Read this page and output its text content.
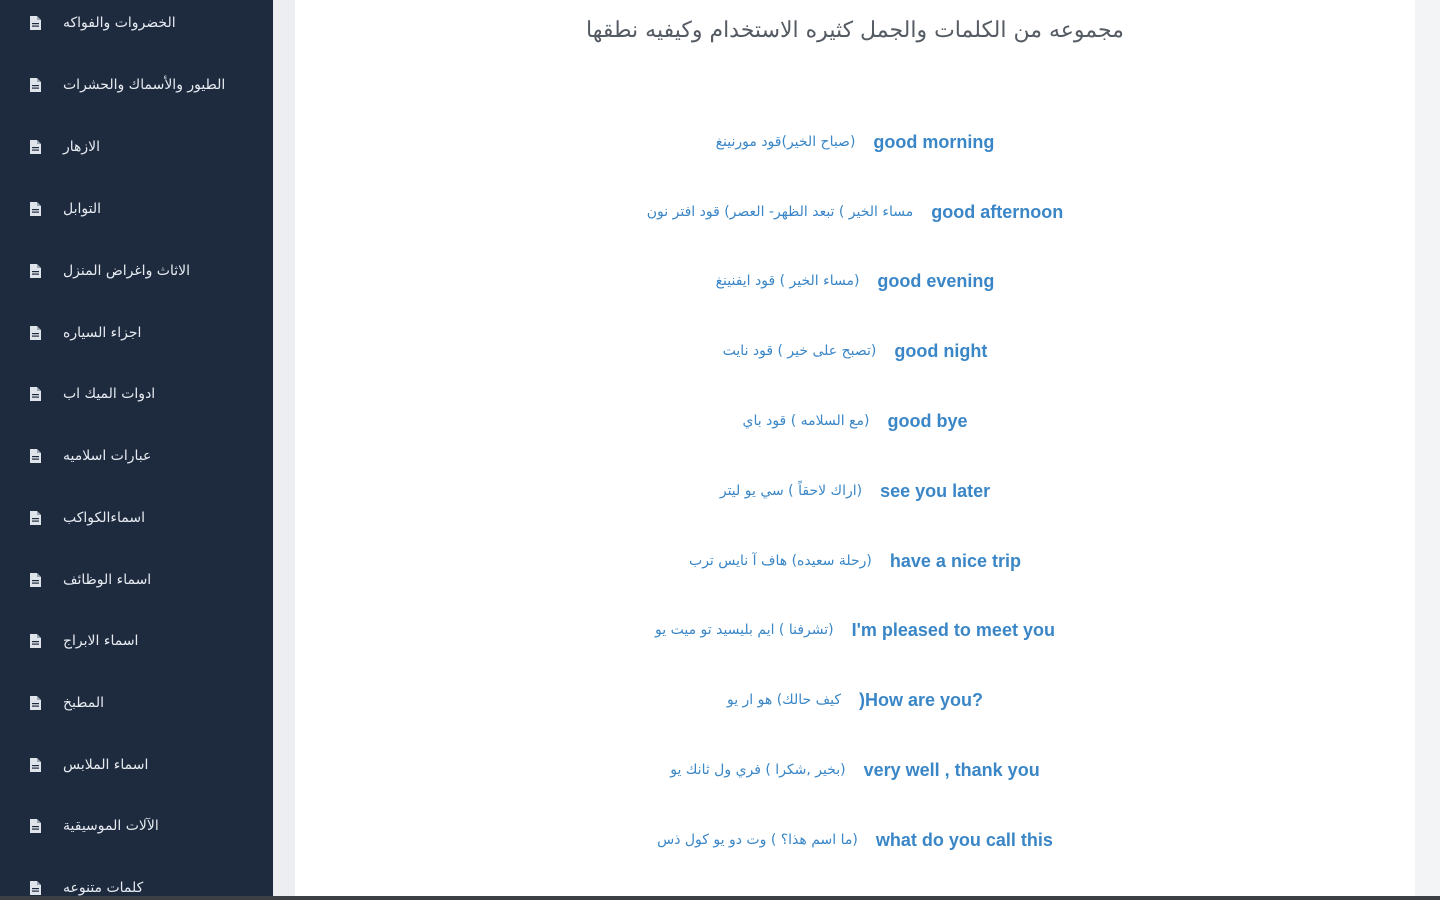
الخضروات والفواكه
الطيور والأسماك والحشرات
الازهار
التوابل
الاثاث واغراض المنزل
اجزاء السياره
ادوات الميك اب
عبارات اسلاميه
اسماءالكواكب
اسماء الوظائف
اسماء الابراج
المطبخ
اسماء الملابس
الآلات الموسيقية
كلمات متنوعه
مجموعه من الكلمات والجمل كثيره الاستخدام وكيفيه نطقها
(صباح الخير)قود مورنينغ good morning
مساء الخير ) تبعد الظهر- العصر) قود افتر نون good afternoon
(مساء الخير ) قود ايفنينغ good evening
(تصبح على خير ) قود نايت good night
(مع السلامه ) قود باي good bye
(اراك لاحقاً ) سي يو ليتر see you later
(رحلة سعيده) هاف آ نايس ترب have a nice trip
(تشرفنا ) ايم بليسيد تو ميت يو I'm pleased to meet you
كيف حالك) هو ار يو )How are you?
(بخير ,شكرا ) فري ول ثانك يو very well , thank you
(ما اسم هذا؟ ) وت دو يو كول ذس what do you call this
